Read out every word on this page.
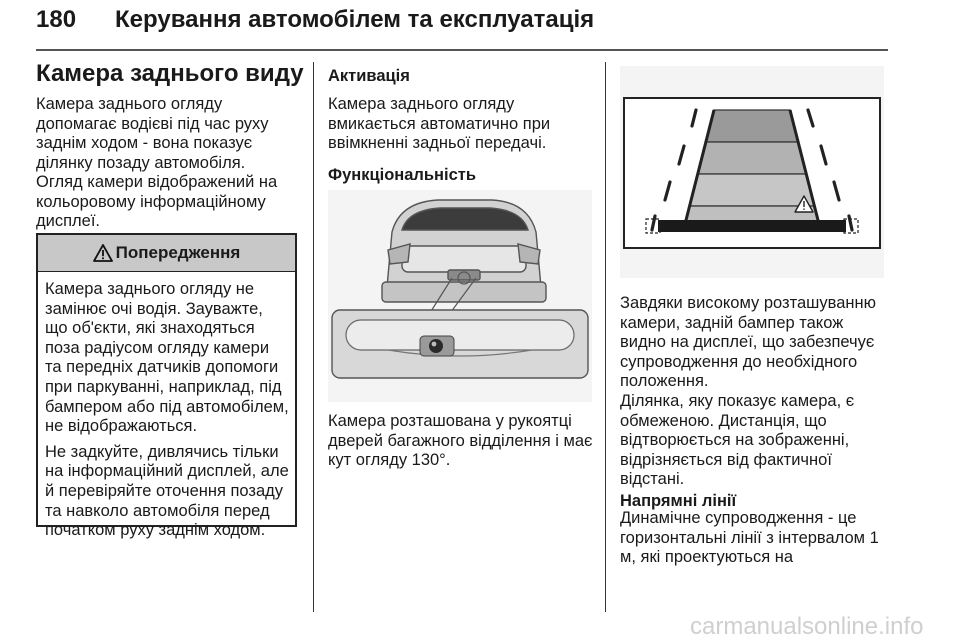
180 Керування автомобілем та експлуатація
Камера заднього виду

Камера заднього огляду допомагає водієві під час руху заднім ходом - вона показує ділянку позаду автомобіля.

Огляд камери відображений на кольоровому інформаційному дисплеї.

Попередження

Камера заднього огляду не замінює очі водія. Зауважте, що об'єкти, які знаходяться поза радіусом огляду камери та передніх датчиків допомоги при паркуванні, наприклад, під бампером або під автомобілем, не відображаються.

Не задкуйте, дивлячись тільки на інформаційний дисплей, але й перевіряйте оточення позаду та навколо автомобіля перед початком руху заднім ходом.

Активація

Камера заднього огляду вмикається автоматично при ввімкненні задньої передачі.

Функціональність

Камера розташована у рукоятці дверей багажного відділення і має кут огляду 130°.

Завдяки високому розташуванню камери, задній бампер також видно на дисплеї, що забезпечує супроводження до необхідного положення.

Ділянка, яку показує камера, є обмеженою. Дистанція, що відтворюється на зображенні, відрізняється від фактичної відстані.

Напрямні лінії

Динамічне супроводження - це горизонтальні лінії з інтервалом 1 м, які проектуються на

carmanualsonline.info
